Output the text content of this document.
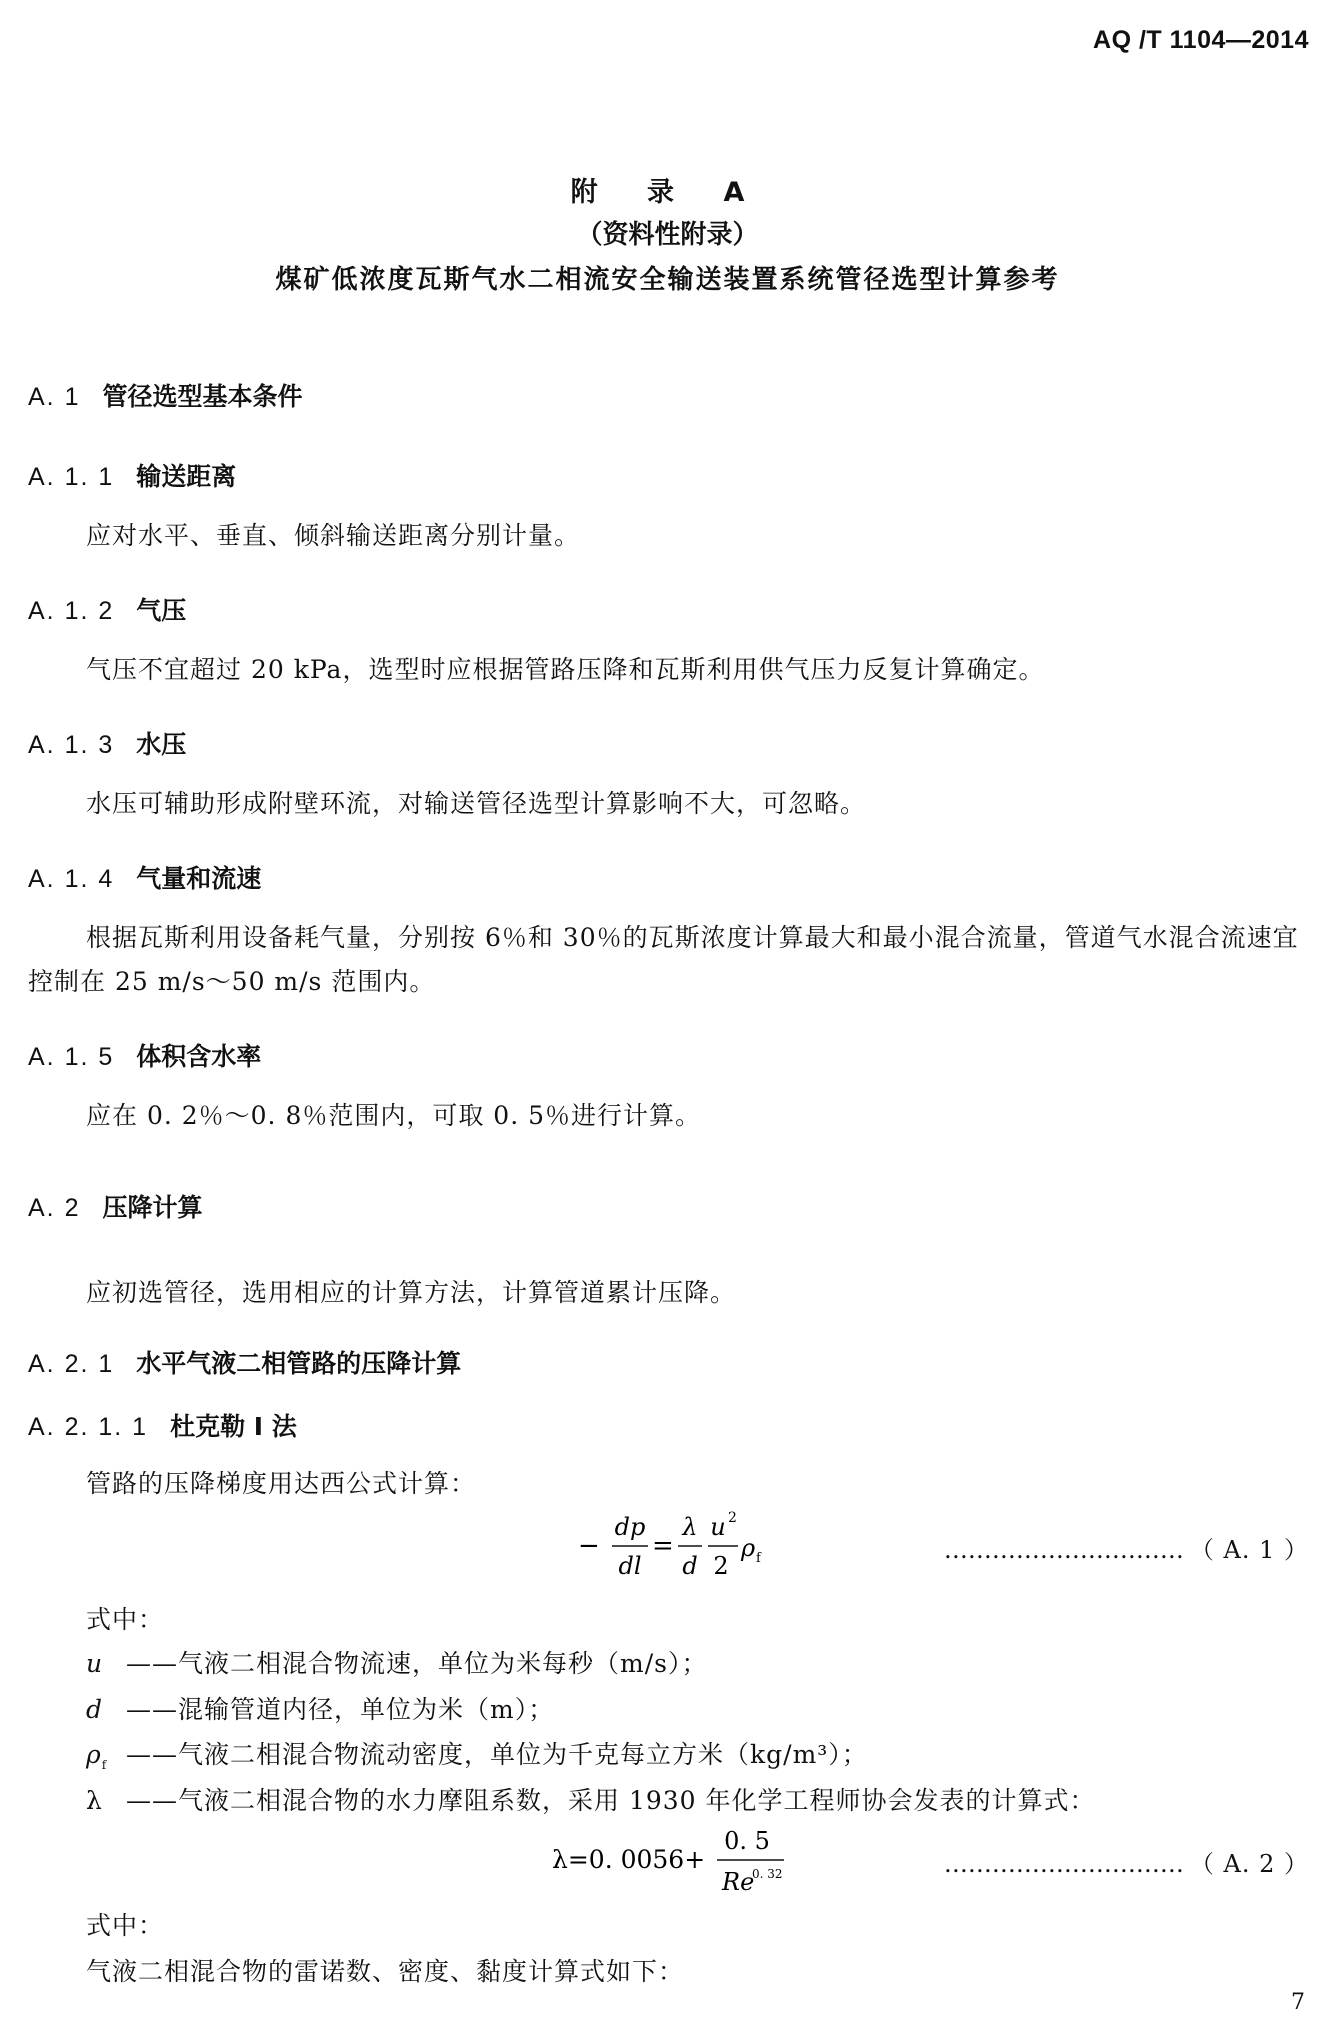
AQ /T 1104—2014
附 录 A
（资料性附录）
煤矿低浓度瓦斯气水二相流安全输送装置系统管径选型计算参考
A. 1 管径选型基本条件
A. 1. 1 输送距离
应对水平、垂直、倾斜输送距离分别计量。
A. 1. 2 气压
气压不宜超过 20 kPa，选型时应根据管路压降和瓦斯利用供气压力反复计算确定。
A. 1. 3 水压
水压可辅助形成附壁环流，对输送管径选型计算影响不大，可忽略。
A. 1. 4 气量和流速
根据瓦斯利用设备耗气量，分别按 6％和 30％的瓦斯浓度计算最大和最小混合流量，管道气水混合流速宜控制在 25 m/s～50 m/s 范围内。
A. 1. 5 体积含水率
应在 0. 2％～0. 8％范围内，可取 0. 5％进行计算。
A. 2 压降计算
应初选管径，选用相应的计算方法，计算管道累计压降。
A. 2. 1 水平气液二相管路的压降计算
A. 2. 1. 1 杜克勒 I 法
管路的压降梯度用达西公式计算：
−
dp
dl
=
λ
d
u 2
2
ρ f	………………………… （ A. 1 ）
式中：
u ——气液二相混合物流速，单位为米每秒（m/s）；
d ——混输管道内径，单位为米（m）；
$\rho_f$ ——气液二相混合物流动密度，单位为千克每立方米（kg/m³）；
λ ——气液二相混合物的水力摩阻系数，采用 1930 年化学工程师协会发表的计算式：
λ=0. 0056+
0. 5
Re
0. 32	………………………… （ A. 2 ）
式中：
气液二相混合物的雷诺数、密度、黏度计算式如下：
7
